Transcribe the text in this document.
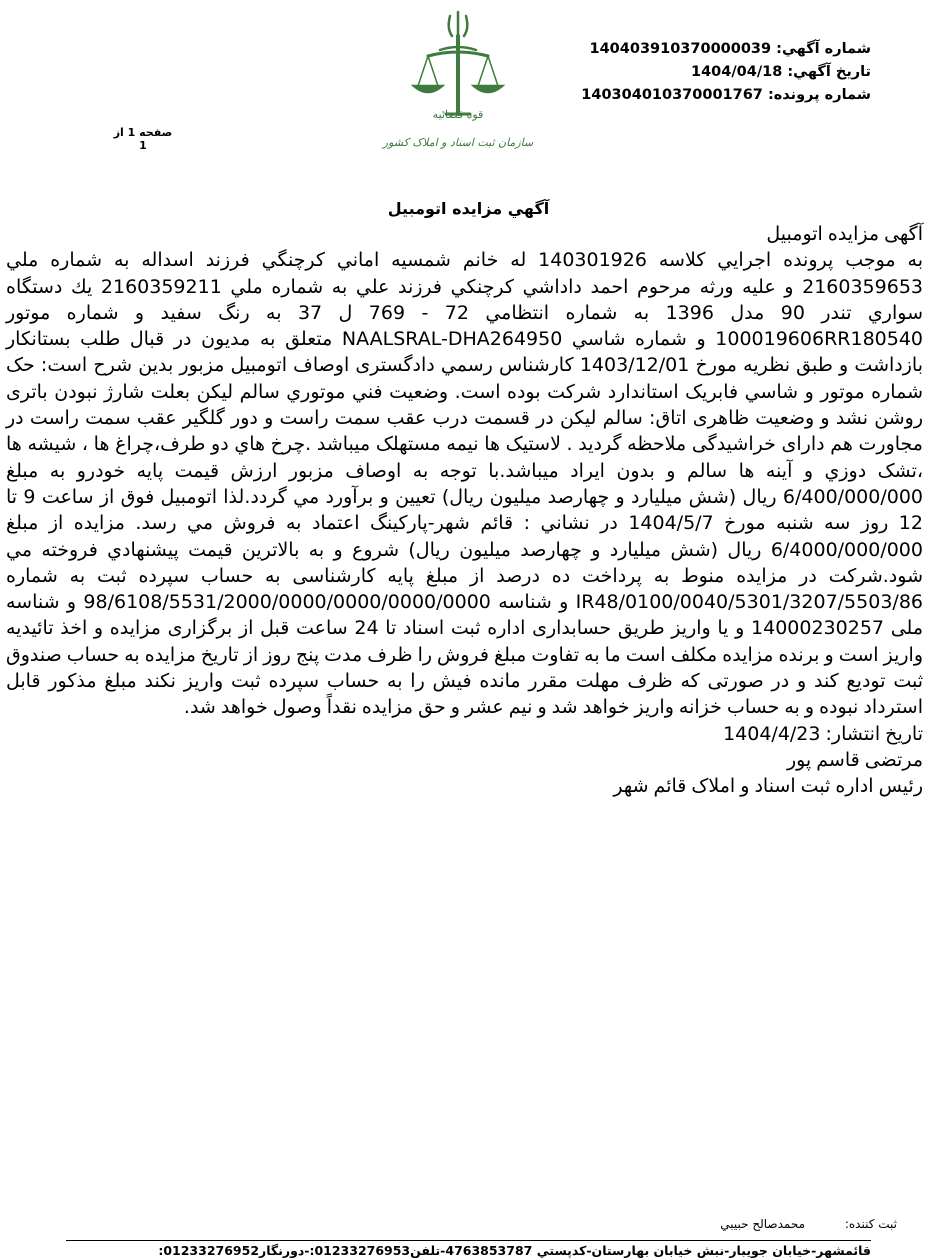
شماره آگهي: 140403910370000039
تاريخ آگهي: 1404/04/18
شماره پرونده: 140304010370001767
صفحه 1 از 1
قوه قضائیه
سازمان ثبت اسناد و املاک کشور
آگهي مزايده اتومبيل

آگهی مزایده اتومبیل

به موجب پرونده اجرايي كلاسه 140301926 له خانم شمسيه اماني كرچنگي فرزند اسداله به شماره ملي 2160359653 و عليه ورثه مرحوم احمد داداشي كرچنكي فرزند علي به شماره ملي 2160359211 يك دستگاه سواري تندر 90 مدل 1396 به شماره انتظامي 72 - 769 ل 37 به رنگ سفيد و شماره موتور 100019606RR180540 و شماره شاسي NAALSRAL-DHA264950 متعلق به مديون در قبال طلب بستانكار بازداشت و طبق نظريه مورخ 1403/12/01 كارشناس رسمي دادگستری اوصاف اتومبیل مزبور بدین شرح است: حک شماره موتور و شاسي فابریک استاندارد شرکت بوده است. وضعیت فني موتوري سالم لیکن بعلت شارژ نبودن باتری روشن نشد و وضعیت ظاهری اتاق: سالم لیکن در قسمت درب عقب سمت راست و دور گلگیر عقب سمت راست در مجاورت هم دارای خراشیدگی ملاحظه گردید . لاستیک ها نیمه مستهلک میباشد .چرخ هاي دو طرف،چراغ ها ، شیشه ها ،تشک دوزي و آینه ها سالم و بدون ایراد میباشد.با توجه به اوصاف مزبور ارزش قیمت پایه خودرو به مبلغ 6/400/000/000 ریال (شش میلیارد و چهارصد میلیون ریال) تعیین و برآورد مي گردد.لذا اتومبیل فوق از ساعت 9 تا 12 روز سه شنبه مورخ 1404/5/7 در نشاني : قائم شهر-پارکینگ اعتماد به فروش مي رسد. مزایده از مبلغ 6/4000/000/000 ریال (شش میلیارد و چهارصد میلیون ریال) شروع و به بالاترین قیمت پیشنهادي فروخته مي شود.شرکت در مزایده منوط به پرداخت ده درصد از مبلغ پایه کارشناسی به حساب سپرده ثبت به شماره IR48/0100/0040/5301/3207/5503/86 و شناسه 98/6108/5531/2000/0000/0000/0000/0000 و شناسه ملی 14000230257 و یا واریز طریق حسابداری اداره ثبت اسناد تا 24 ساعت قبل از برگزاری مزایده و اخذ تائیدیه واریز است و برنده مزایده مکلف است ما به تفاوت مبلغ فروش را ظرف مدت پنج روز از تاریخ مزایده به حساب صندوق ثبت تودیع کند و در صورتی که ظرف مهلت مقرر مانده فیش را به حساب سپرده ثبت واریز نکند مبلغ مذکور قابل استرداد نبوده و به حساب خزانه واریز خواهد شد و نیم عشر و حق مزایده نقداً وصول خواهد شد.

تاریخ انتشار: 1404/4/23

مرتضی قاسم پور

رئیس اداره ثبت اسناد و املاک قائم شهر

ثبت كننده: محمدصالح حبيبي
قائمشهر-خيابان جويبار-نبش خيابان بهارستان-كدپستي 4763853787-تلفن01233276953:-دورنگار01233276952:
